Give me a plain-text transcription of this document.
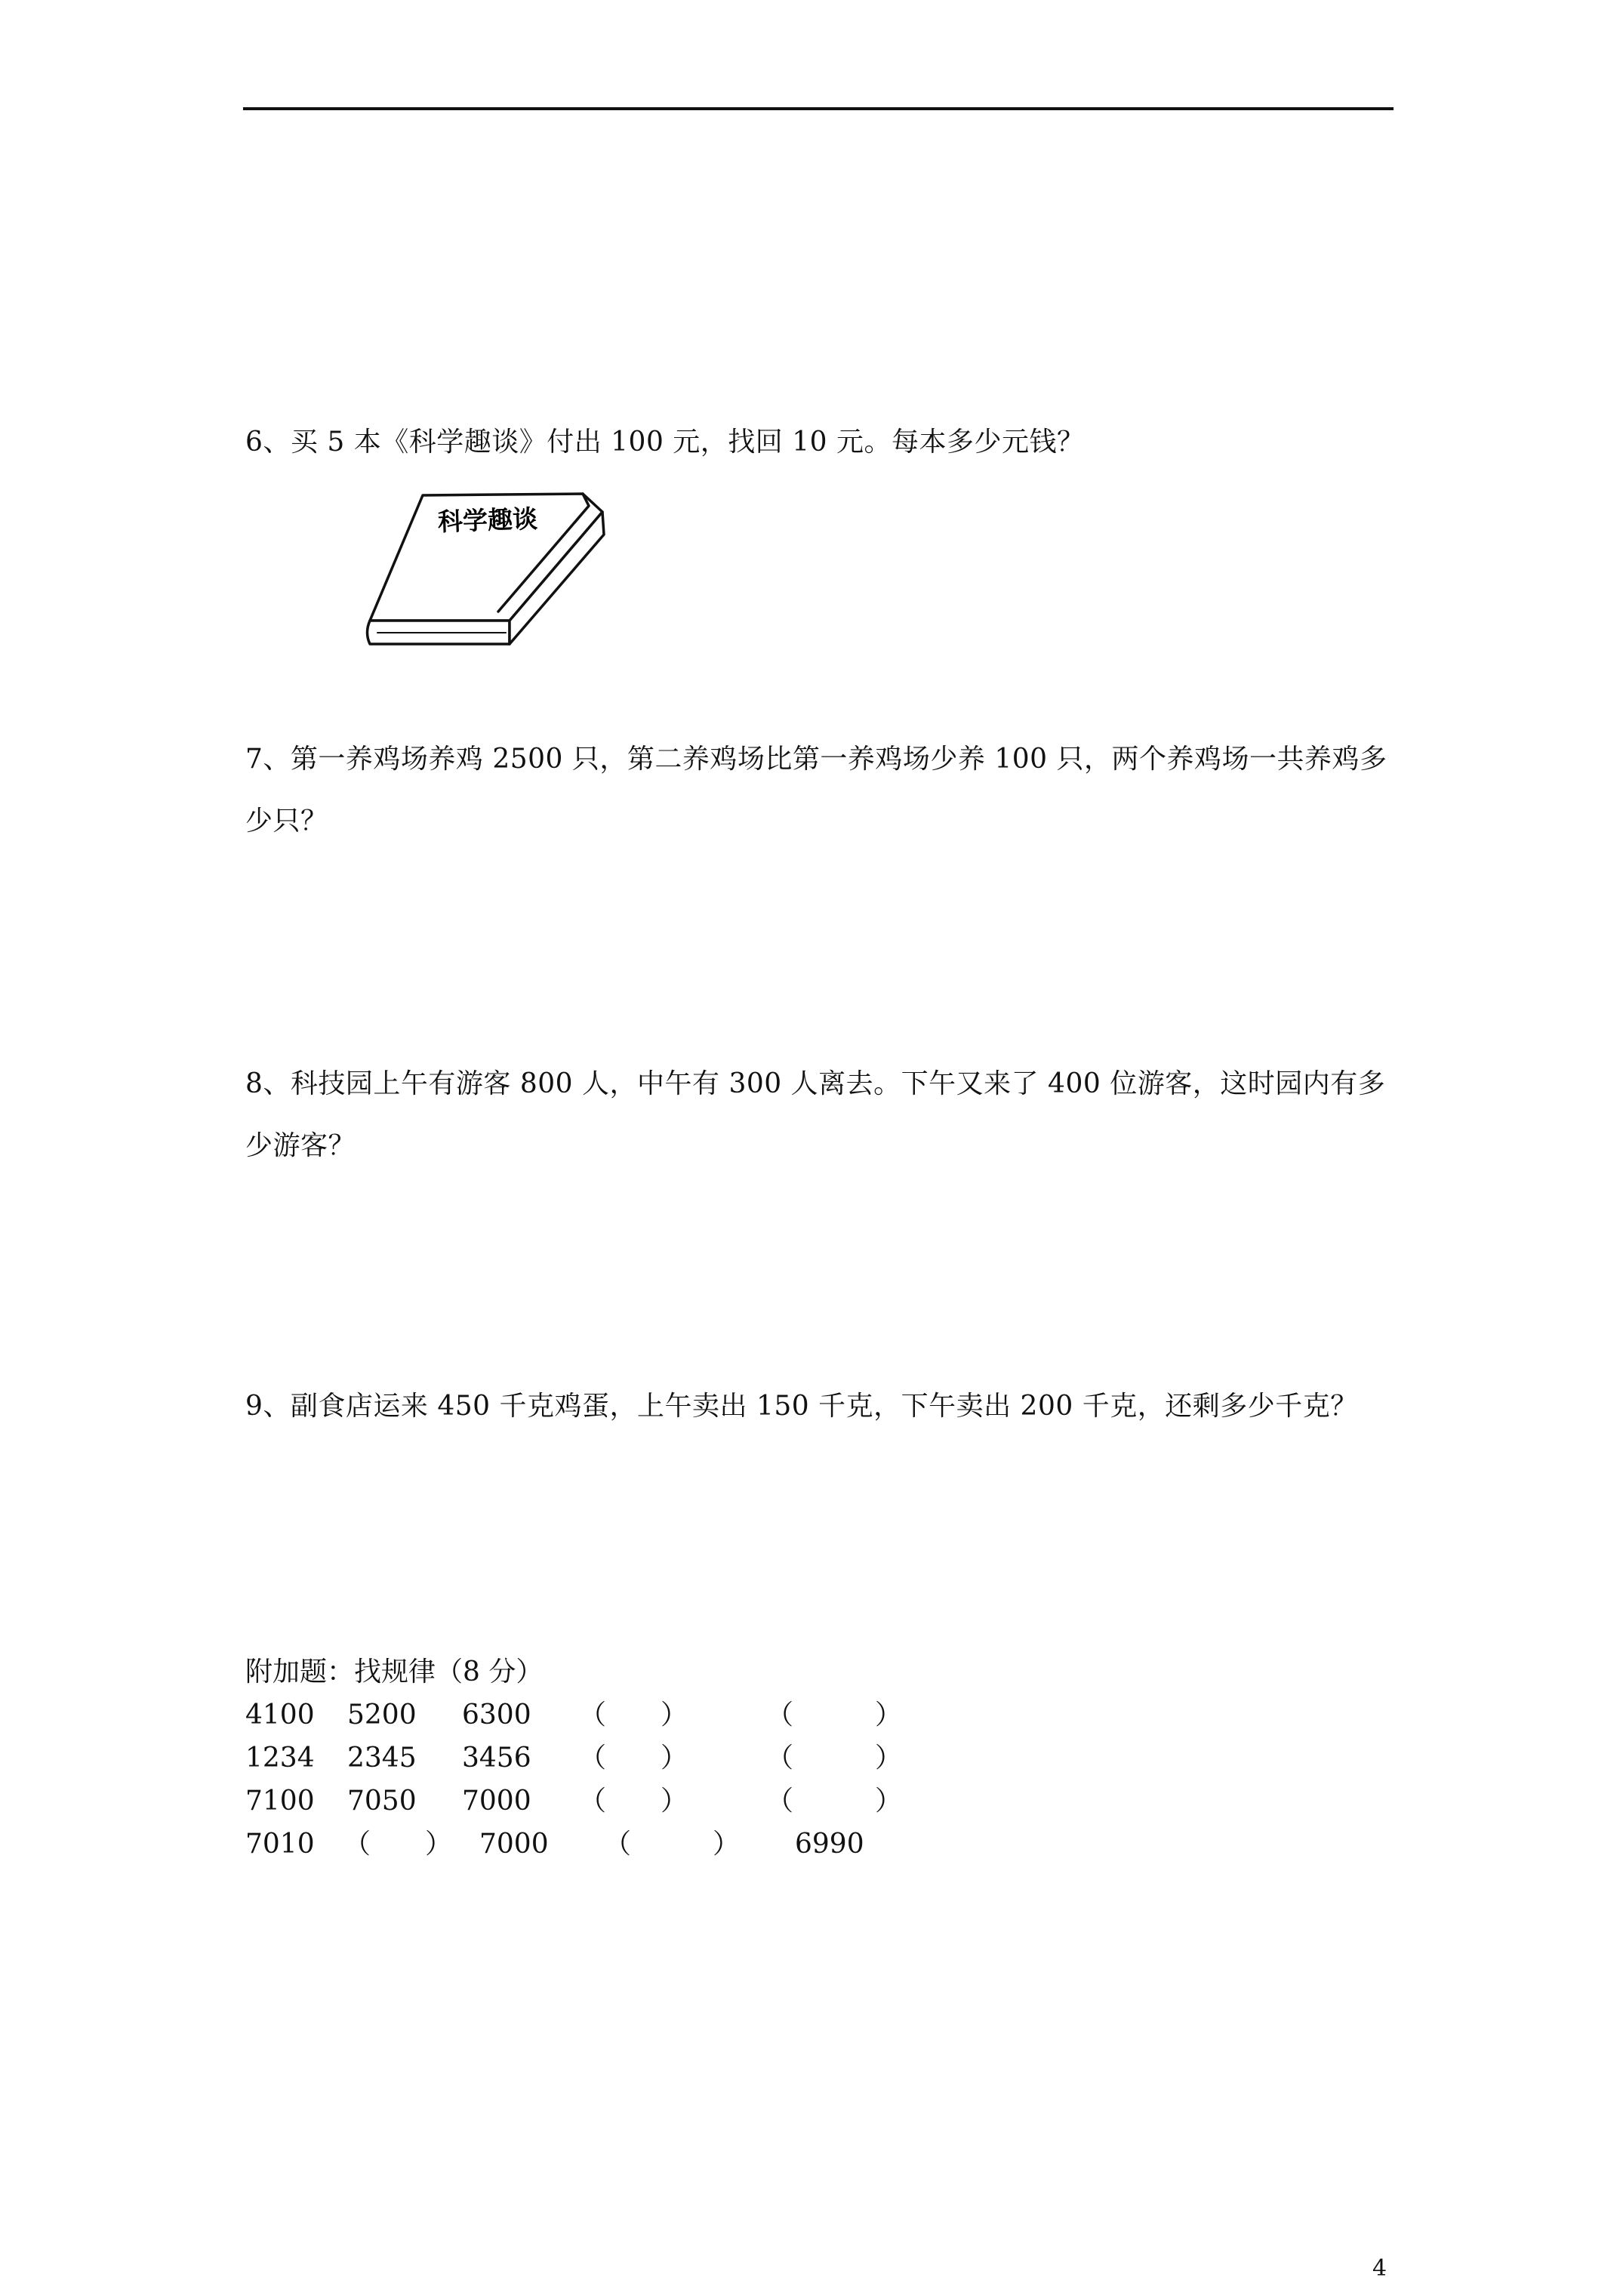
6、买 5 本《科学趣谈》付出 100 元，找回 10 元。每本多少元钱？
科学趣谈
7、第一养鸡场养鸡 2500 只，第二养鸡场比第一养鸡场少养 100 只，两个养鸡场一共养鸡多少只？
8、科技园上午有游客 800 人，中午有 300 人离去。下午又来了 400 位游客，这时园内有多少游客？
9、副食店运来 450 千克鸡蛋，上午卖出 150 千克，下午卖出 200 千克，还剩多少千克？
附加题：找规律（8 分）
4100 5200 6300 （　　）	（　　　）
1234 2345 3456 （　　）	（　　　）
7100 7050 7000 （　　）	（　　　）
7010 （　　） 7000 （　　　） 6990
4
